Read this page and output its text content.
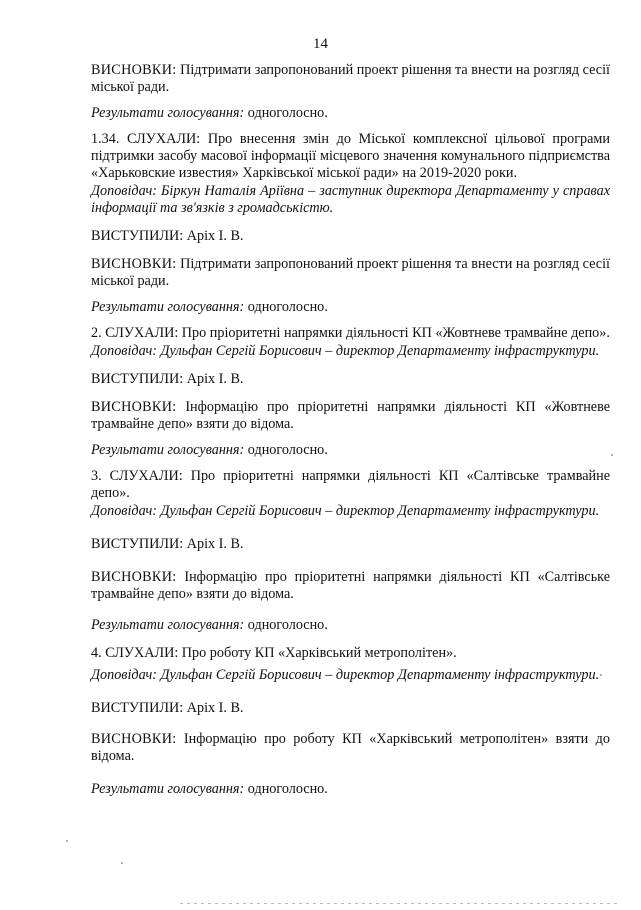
14

ВИСНОВКИ: Підтримати запропонований проект рішення та внести на розгляд сесії міської ради.

Результати голосування: одноголосно.

1.34. СЛУХАЛИ: Про внесення змін до Міської комплексної цільової програми підтримки засобу масової інформації місцевого значення комунального підприємства «Харьковские известия» Харківської міської ради» на 2019-2020 роки.

Доповідач: Біркун Наталія Аріївна – заступник директора Департаменту у справах інформації та зв'язків з громадськістю.

ВИСТУПИЛИ: Аріх І. В.

ВИСНОВКИ: Підтримати запропонований проект рішення та внести на розгляд сесії міської ради.

Результати голосування: одноголосно.

2. СЛУХАЛИ: Про пріоритетні напрямки діяльності КП «Жовтневе трамвайне депо».

Доповідач: Дульфан Сергій Борисович – директор Департаменту інфраструктури.

ВИСТУПИЛИ: Аріх І. В.

ВИСНОВКИ: Інформацію про пріоритетні напрямки діяльності КП «Жовтневе трамвайне депо» взяти до відома.

Результати голосування: одноголосно.

3. СЛУХАЛИ: Про пріоритетні напрямки діяльності КП «Салтівське трамвайне депо».

Доповідач: Дульфан Сергій Борисович – директор Департаменту інфраструктури.

ВИСТУПИЛИ: Аріх І. В.

ВИСНОВКИ: Інформацію про пріоритетні напрямки діяльності КП «Салтівське трамвайне депо» взяти до відома.

Результати голосування: одноголосно.

4. СЛУХАЛИ: Про роботу КП «Харківський метрополітен».

Доповідач: Дульфан Сергій Борисович – директор Департаменту інфраструктури.

ВИСТУПИЛИ: Аріх І. В.

ВИСНОВКИ: Інформацію про роботу КП «Харківський метрополітен» взяти до відома.

Результати голосування: одноголосно.
